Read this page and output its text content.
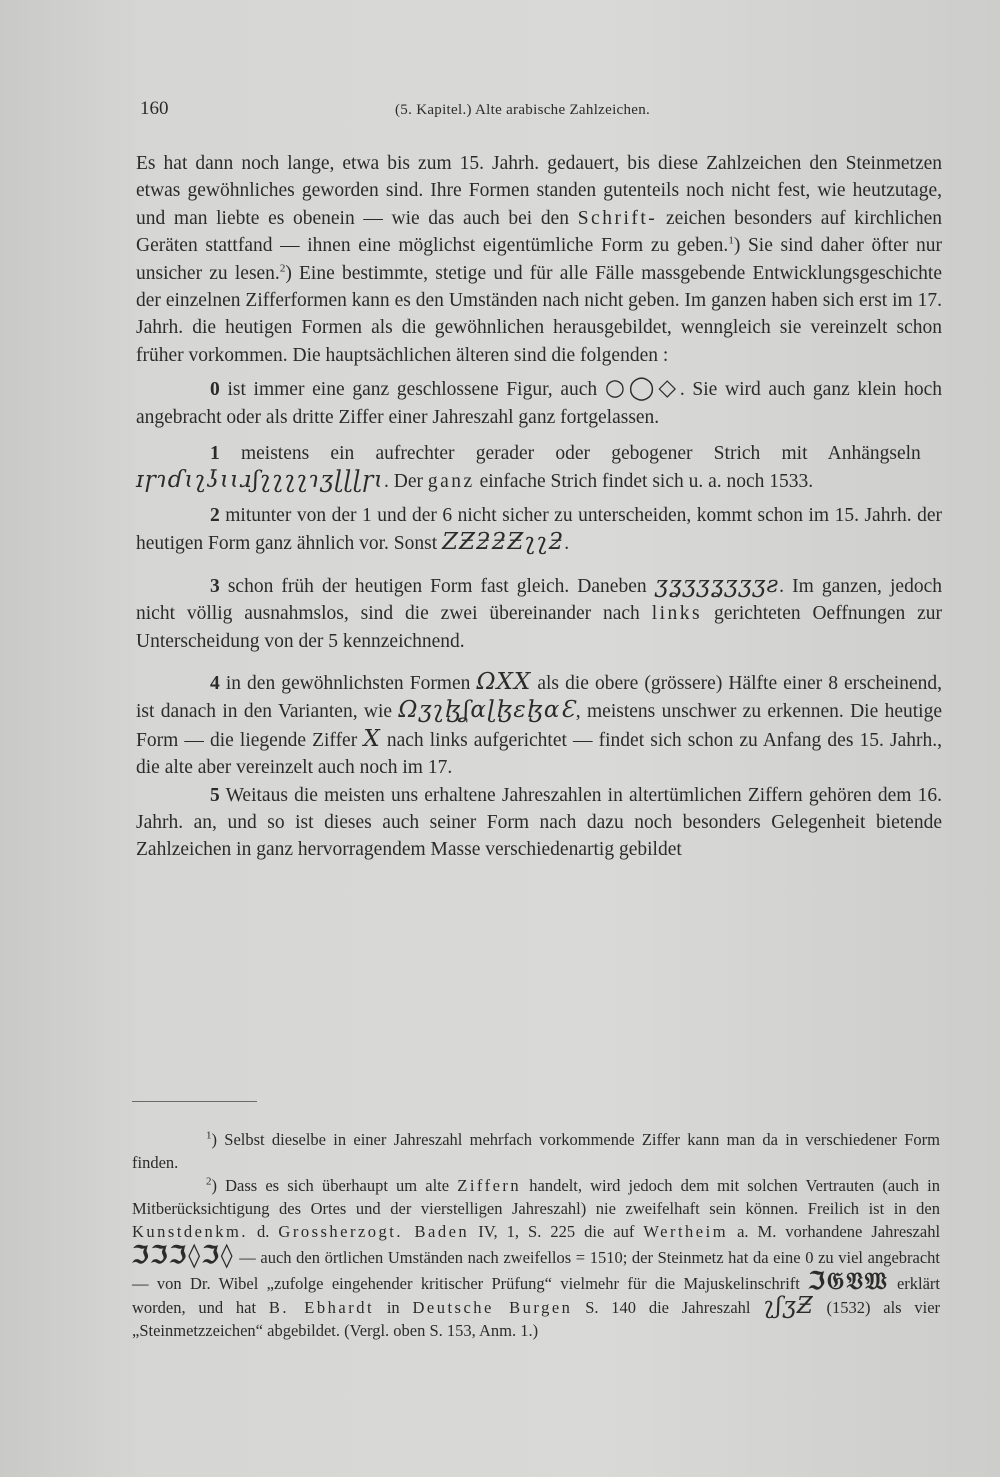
160	(5. Kapitel.) Alte arabische Zahlzeichen.

Es hat dann noch lange, etwa bis zum 15. Jahrh. gedauert, bis diese Zahlzeichen den Steinmetzen etwas gewöhnliches geworden sind. Ihre Formen standen gutenteils noch nicht fest, wie heutzutage, und man liebte es obenein — wie das auch bei den Schrift- zeichen besonders auf kirchlichen Geräten stattfand — ihnen eine möglichst eigentümliche Form zu geben.$^1$) Sie sind daher öfter nur unsicher zu lesen.$^2$) Eine bestimmte, stetige und für alle Fälle massgebende Entwicklungsgeschichte der einzelnen Zifferformen kann es den Umständen nach nicht geben. Im ganzen haben sich erst im 17. Jahrh. die heutigen Formen als die gewöhnlichen herausgebildet, wenngleich sie vereinzelt schon früher vorkommen. Die hauptsächlichen älteren sind die folgenden :

0 ist immer eine ganz geschlossene Figur, auch ○◯◇. Sie wird auch ganz klein hoch angebracht oder als dritte Ziffer einer Jahreszahl ganz fortgelassen.

1 meistens ein aufrechter gerader oder gebogener Strich mit Anhängseln ɪɼɿɗɩʅʖɩɩɹʃʅʅʅʅɿʒɭɭɭɼɩ. Der ganz einfache Strich findet sich u. a. noch 1533.

2 mitunter von der 1 und der 6 nicht sicher zu unterscheiden, kommt schon im 15. Jahrh. der heutigen Form ganz ähnlich vor. Sonst ZƵƻƻƵʅʅƻ.

3 schon früh der heutigen Form fast gleich. Daneben ʒʓʒʒʓʒʒʒƨ. Im ganzen, jedoch nicht völlig ausnahmslos, sind die zwei übereinander nach links gerichteten Oeffnungen zur Unterscheidung von der 5 kennzeichnend.

4 in den gewöhnlichsten Formen ΩΧX als die obere (grössere) Hälfte einer 8 erscheinend, ist danach in den Varianten, wie ΩʒʅɮʆɑɭɮɛɮɑƐ, meistens unschwer zu erkennen. Die heutige Form — die liegende Ziffer X nach links aufgerichtet — findet sich schon zu Anfang des 15. Jahrh., die alte aber vereinzelt auch noch im 17.

5 Weitaus die meisten uns erhaltene Jahreszahlen in altertümlichen Ziffern gehören dem 16. Jahrh. an, und so ist dieses auch seiner Form nach dazu noch besonders Gelegenheit bietende Zahlzeichen in ganz hervorragendem Masse verschiedenartig gebildet

$^1$) Selbst dieselbe in einer Jahreszahl mehrfach vorkommende Ziffer kann man da in verschiedener Form finden.

$^2$) Dass es sich überhaupt um alte Ziffern handelt, wird jedoch dem mit solchen Vertrauten (auch in Mitberücksichtigung des Ortes und der vierstelligen Jahreszahl) nie zweifelhaft sein können. Freilich ist in den Kunstdenkm. d. Grossherzogt. Baden IV, 1, S. 225 die auf Wertheim a. M. vorhandene Jahreszahl ℑℑℑ◊ℑ◊ — auch den örtlichen Umständen nach zweifellos = 1510; der Steinmetz hat da eine 0 zu viel angebracht — von Dr. Wibel „zufolge eingehender kritischer Prüfung“ vielmehr für die Majuskelinschrift ℑ𝔊𝔙𝔚 erklärt worden, und hat B. Ebhardt in Deutsche Burgen S. 140 die Jahreszahl ʅʃʒƵ (1532) als vier „Steinmetzzeichen“ abgebildet. (Vergl. oben S. 153, Anm. 1.)
